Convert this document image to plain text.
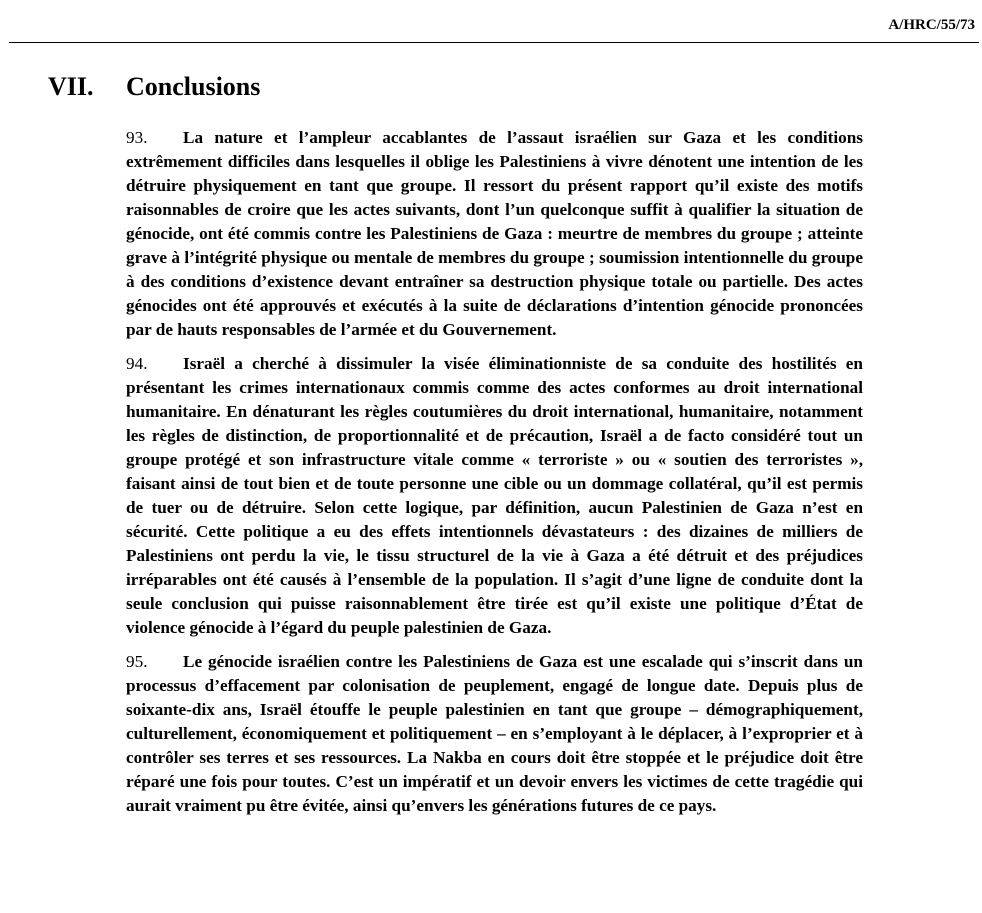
A/HRC/55/73
VII. Conclusions

93. La nature et l’ampleur accablantes de l’assaut israélien sur Gaza et les conditions extrêmement difficiles dans lesquelles il oblige les Palestiniens à vivre dénotent une intention de les détruire physiquement en tant que groupe. Il ressort du présent rapport qu’il existe des motifs raisonnables de croire que les actes suivants, dont l’un quelconque suffit à qualifier la situation de génocide, ont été commis contre les Palestiniens de Gaza : meurtre de membres du groupe ; atteinte grave à l’intégrité physique ou mentale de membres du groupe ; soumission intentionnelle du groupe à des conditions d’existence devant entraîner sa destruction physique totale ou partielle. Des actes génocides ont été approuvés et exécutés à la suite de déclarations d’intention génocide prononcées par de hauts responsables de l’armée et du Gouvernement.

94. Israël a cherché à dissimuler la visée éliminationniste de sa conduite des hostilités en présentant les crimes internationaux commis comme des actes conformes au droit international humanitaire. En dénaturant les règles coutumières du droit international, humanitaire, notamment les règles de distinction, de proportionnalité et de précaution, Israël a de facto considéré tout un groupe protégé et son infrastructure vitale comme « terroriste » ou « soutien des terroristes », faisant ainsi de tout bien et de toute personne une cible ou un dommage collatéral, qu’il est permis de tuer ou de détruire. Selon cette logique, par définition, aucun Palestinien de Gaza n’est en sécurité. Cette politique a eu des effets intentionnels dévastateurs : des dizaines de milliers de Palestiniens ont perdu la vie, le tissu structurel de la vie à Gaza a été détruit et des préjudices irréparables ont été causés à l’ensemble de la population. Il s’agit d’une ligne de conduite dont la seule conclusion qui puisse raisonnablement être tirée est qu’il existe une politique d’État de violence génocide à l’égard du peuple palestinien de Gaza.

95. Le génocide israélien contre les Palestiniens de Gaza est une escalade qui s’inscrit dans un processus d’effacement par colonisation de peuplement, engagé de longue date. Depuis plus de soixante-dix ans, Israël étouffe le peuple palestinien en tant que groupe – démographiquement, culturellement, économiquement et politiquement – en s’employant à le déplacer, à l’exproprier et à contrôler ses terres et ses ressources. La Nakba en cours doit être stoppée et le préjudice doit être réparé une fois pour toutes. C’est un impératif et un devoir envers les victimes de cette tragédie qui aurait vraiment pu être évitée, ainsi qu’envers les générations futures de ce pays.
